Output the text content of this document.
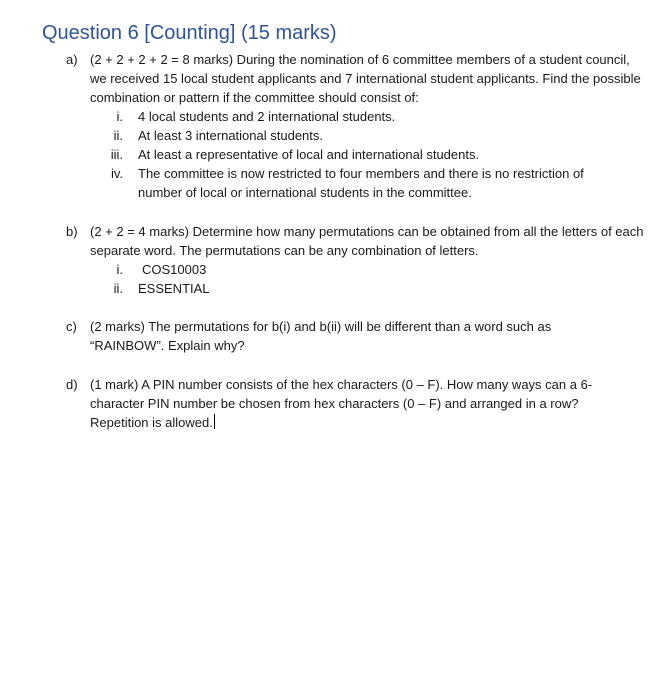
Question 6 [Counting] (15 marks)
a) (2 + 2 + 2 + 2 = 8 marks) During the nomination of 6 committee members of a student council, we received 15 local student applicants and 7 international student applicants. Find the possible combination or pattern if the committee should consist of:
i. 4 local students and 2 international students.
ii. At least 3 international students.
iii. At least a representative of local and international students.
iv. The committee is now restricted to four members and there is no restriction of number of local or international students in the committee.
b) (2 + 2 = 4 marks) Determine how many permutations can be obtained from all the letters of each separate word. The permutations can be any combination of letters.
i. COS10003
ii. ESSENTIAL
c) (2 marks) The permutations for b(i) and b(ii) will be different than a word such as “RAINBOW”. Explain why?
d) (1 mark) A PIN number consists of the hex characters (0 – F). How many ways can a 6-character PIN number be chosen from hex characters (0 – F) and arranged in a row? Repetition is allowed.
